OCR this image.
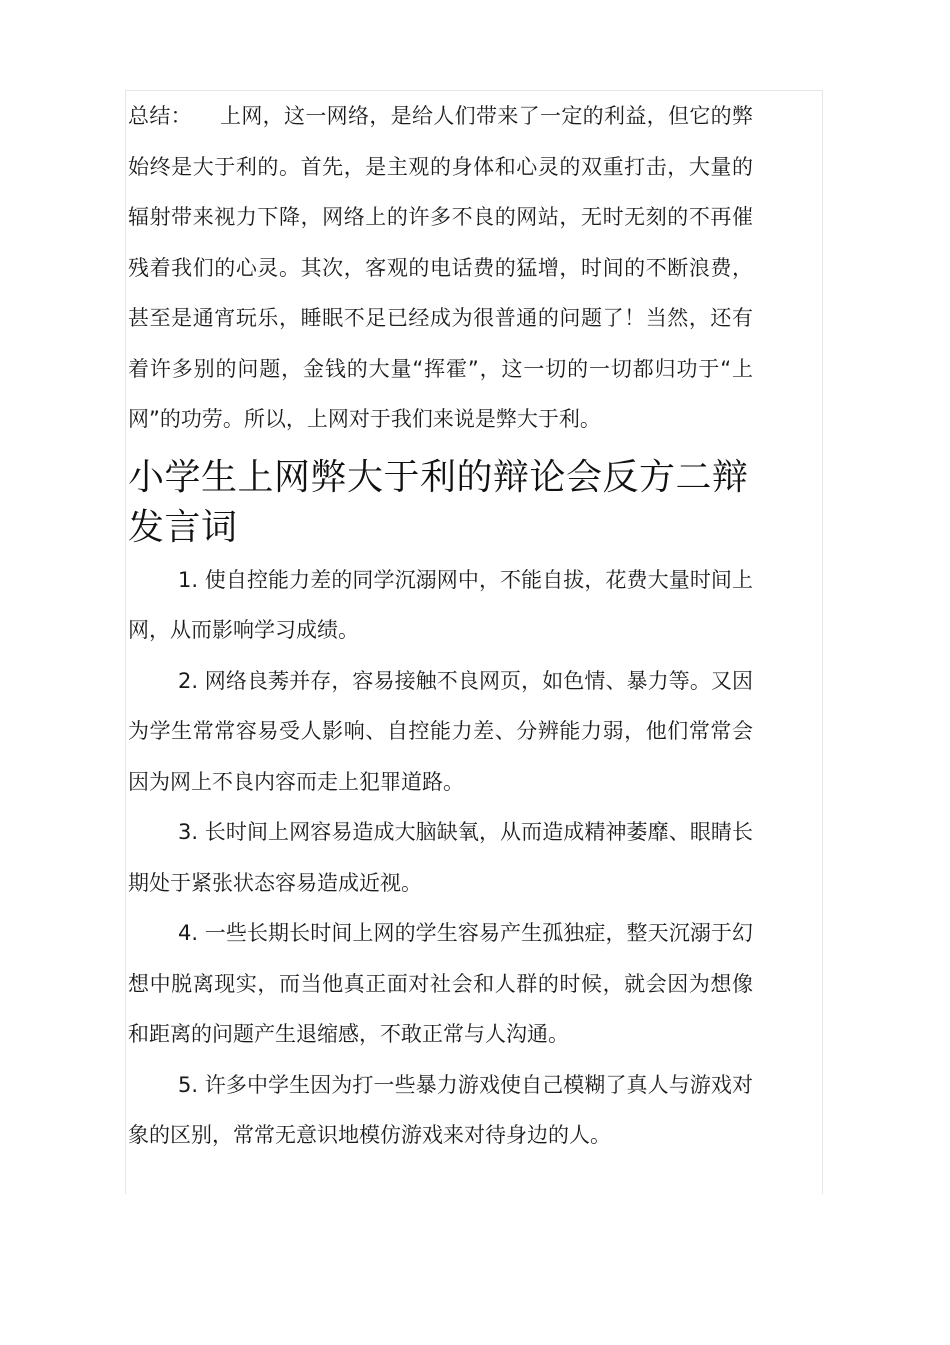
总结： 上网，这一网络，是给人们带来了一定的利益，但它的弊始终是大于利的。首先，是主观的身体和心灵的双重打击，大量的辐射带来视力下降，网络上的许多不良的网站，无时无刻的不再催残着我们的心灵。其次，客观的电话费的猛增，时间的不断浪费，甚至是通宵玩乐，睡眠不足已经成为很普通的问题了！当然，还有着许多别的问题，金钱的大量“挥霍”，这一切的一切都归功于“上网”的功劳。所以，上网对于我们来说是弊大于利。

小学生上网弊大于利的辩论会反方二辩发言词

1. 使自控能力差的同学沉溺网中，不能自拔，花费大量时间上网，从而影响学习成绩。

2. 网络良莠并存，容易接触不良网页，如色情、暴力等。又因为学生常常容易受人影响、自控能力差、分辨能力弱，他们常常会因为网上不良内容而走上犯罪道路。

3. 长时间上网容易造成大脑缺氧，从而造成精神萎靡、眼睛长期处于紧张状态容易造成近视。

4. 一些长期长时间上网的学生容易产生孤独症，整天沉溺于幻想中脱离现实，而当他真正面对社会和人群的时候，就会因为想像和距离的问题产生退缩感，不敢正常与人沟通。

5. 许多中学生因为打一些暴力游戏使自己模糊了真人与游戏对象的区别，常常无意识地模仿游戏来对待身边的人。
